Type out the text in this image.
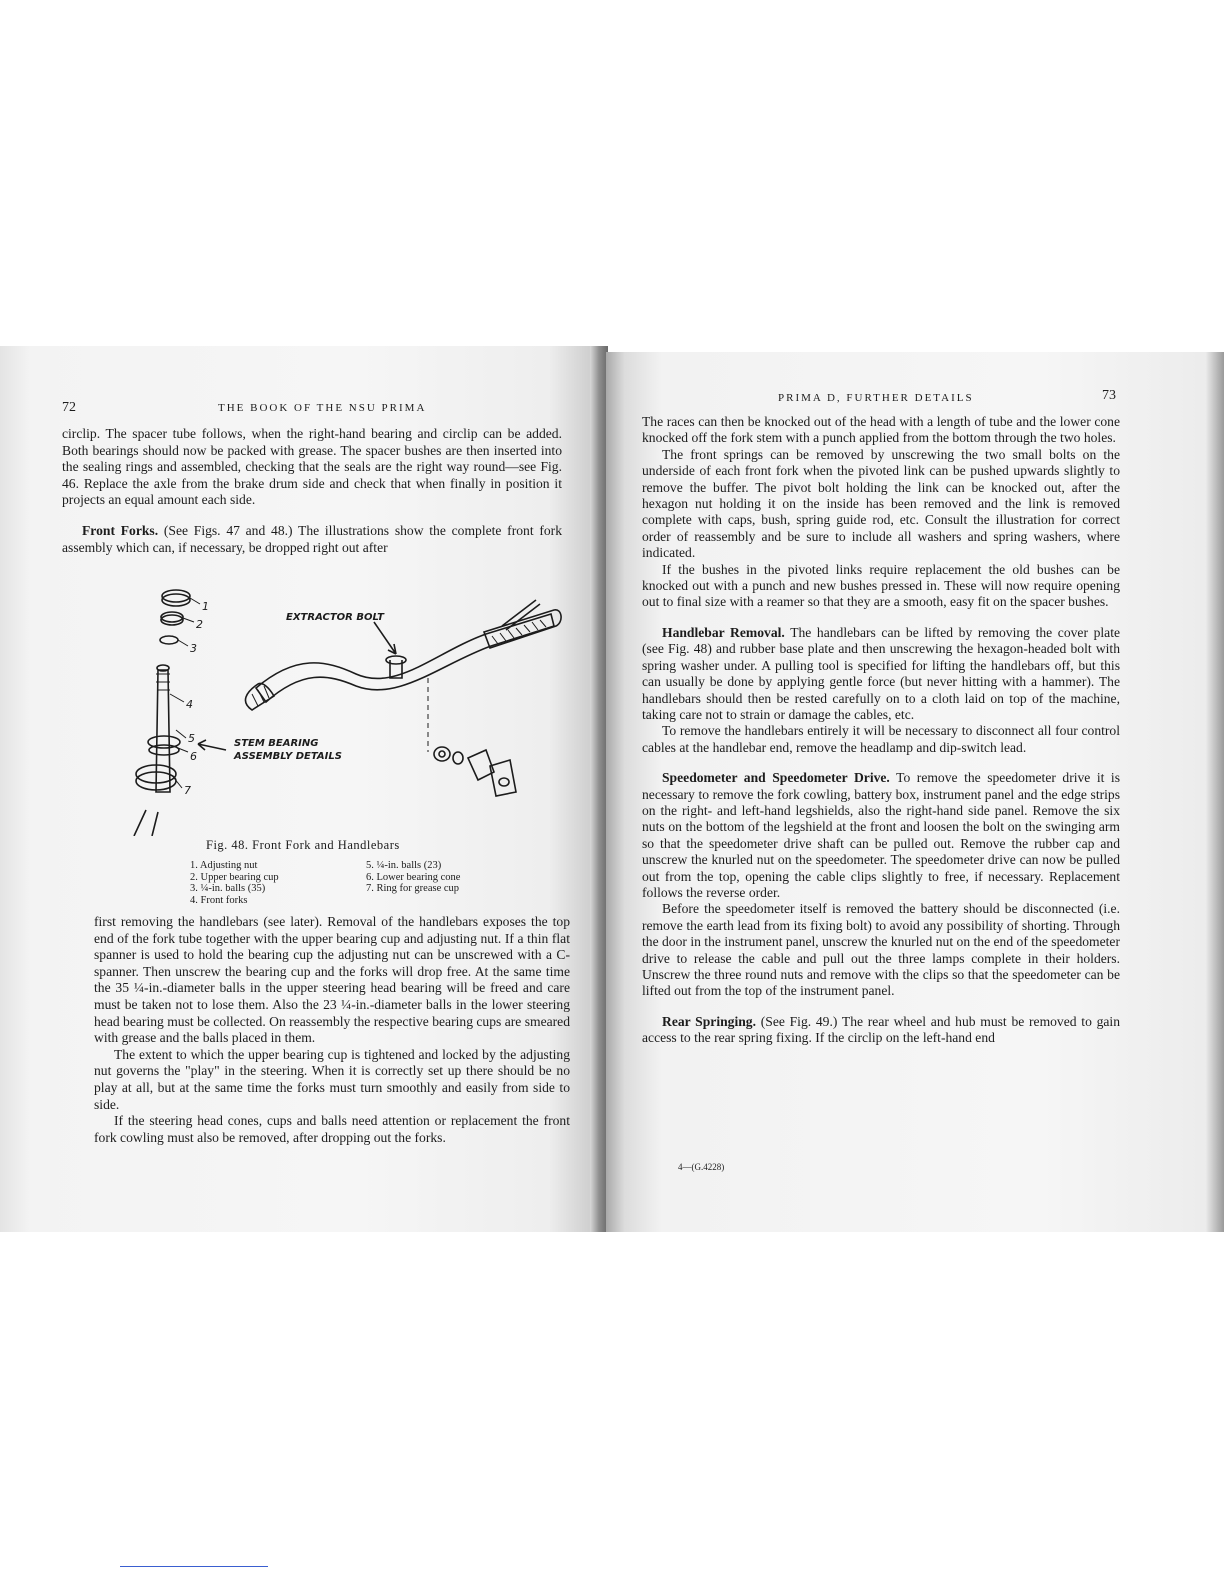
72	THE BOOK OF THE NSU PRIMA

circlip. The spacer tube follows, when the right-hand bearing and circlip can be added. Both bearings should now be packed with grease. The spacer bushes are then inserted into the sealing rings and assembled, checking that the seals are the right way round—see Fig. 46. Replace the axle from the brake drum side and check that when finally in position it projects an equal amount each side.

Front Forks. (See Figs. 47 and 48.) The illustrations show the complete front fork assembly which can, if necessary, be dropped right out after

EXTRACTOR BOLT
STEM BEARING
ASSEMBLY DETAILS
1
2
3
4
5
6
7
Fig. 48. Front Fork and Handlebars
1. Adjusting nut
2. Upper bearing cup
3. ¼-in. balls (35)
4. Front forks
5. ¼-in. balls (23)
6. Lower bearing cone
7. Ring for grease cup

first removing the handlebars (see later). Removal of the handlebars exposes the top end of the fork tube together with the upper bearing cup and adjusting nut. If a thin flat spanner is used to hold the bearing cup the adjusting nut can be unscrewed with a C-spanner. Then unscrew the bearing cup and the forks will drop free. At the same time the 35 ¼-in.-diameter balls in the upper steering head bearing will be freed and care must be taken not to lose them. Also the 23 ¼-in.-diameter balls in the lower steering head bearing must be collected. On reassembly the respective bearing cups are smeared with grease and the balls placed in them.

The extent to which the upper bearing cup is tightened and locked by the adjusting nut governs the "play" in the steering. When it is correctly set up there should be no play at all, but at the same time the forks must turn smoothly and easily from side to side.

If the steering head cones, cups and balls need attention or replacement the front fork cowling must also be removed, after dropping out the forks.

PRIMA D, FURTHER DETAILS	73

The races can then be knocked out of the head with a length of tube and the lower cone knocked off the fork stem with a punch applied from the bottom through the two holes.

The front springs can be removed by unscrewing the two small bolts on the underside of each front fork when the pivoted link can be pushed upwards slightly to remove the buffer. The pivot bolt holding the link can be knocked out, after the hexagon nut holding it on the inside has been removed and the link is removed complete with caps, bush, spring guide rod, etc. Consult the illustration for correct order of reassembly and be sure to include all washers and spring washers, where indicated.

If the bushes in the pivoted links require replacement the old bushes can be knocked out with a punch and new bushes pressed in. These will now require opening out to final size with a reamer so that they are a smooth, easy fit on the spacer bushes.

Handlebar Removal. The handlebars can be lifted by removing the cover plate (see Fig. 48) and rubber base plate and then unscrewing the hexagon-headed bolt with spring washer under. A pulling tool is specified for lifting the handlebars off, but this can usually be done by applying gentle force (but never hitting with a hammer). The handlebars should then be rested carefully on to a cloth laid on top of the machine, taking care not to strain or damage the cables, etc.

To remove the handlebars entirely it will be necessary to disconnect all four control cables at the handlebar end, remove the headlamp and dip-switch lead.

Speedometer and Speedometer Drive. To remove the speedometer drive it is necessary to remove the fork cowling, battery box, instrument panel and the edge strips on the right- and left-hand legshields, also the right-hand side panel. Remove the six nuts on the bottom of the legshield at the front and loosen the bolt on the swinging arm so that the speedometer drive shaft can be pulled out. Remove the rubber cap and unscrew the knurled nut on the speedometer. The speedometer drive can now be pulled out from the top, opening the cable clips slightly to free, if necessary. Replacement follows the reverse order.

Before the speedometer itself is removed the battery should be disconnected (i.e. remove the earth lead from its fixing bolt) to avoid any possibility of shorting. Through the door in the instrument panel, unscrew the knurled nut on the end of the speedometer drive to release the cable and pull out the three lamps complete in their holders. Unscrew the three round nuts and remove with the clips so that the speedometer can be lifted out from the top of the instrument panel.

Rear Springing. (See Fig. 49.) The rear wheel and hub must be removed to gain access to the rear spring fixing. If the circlip on the left-hand end

4—(G.4228)
